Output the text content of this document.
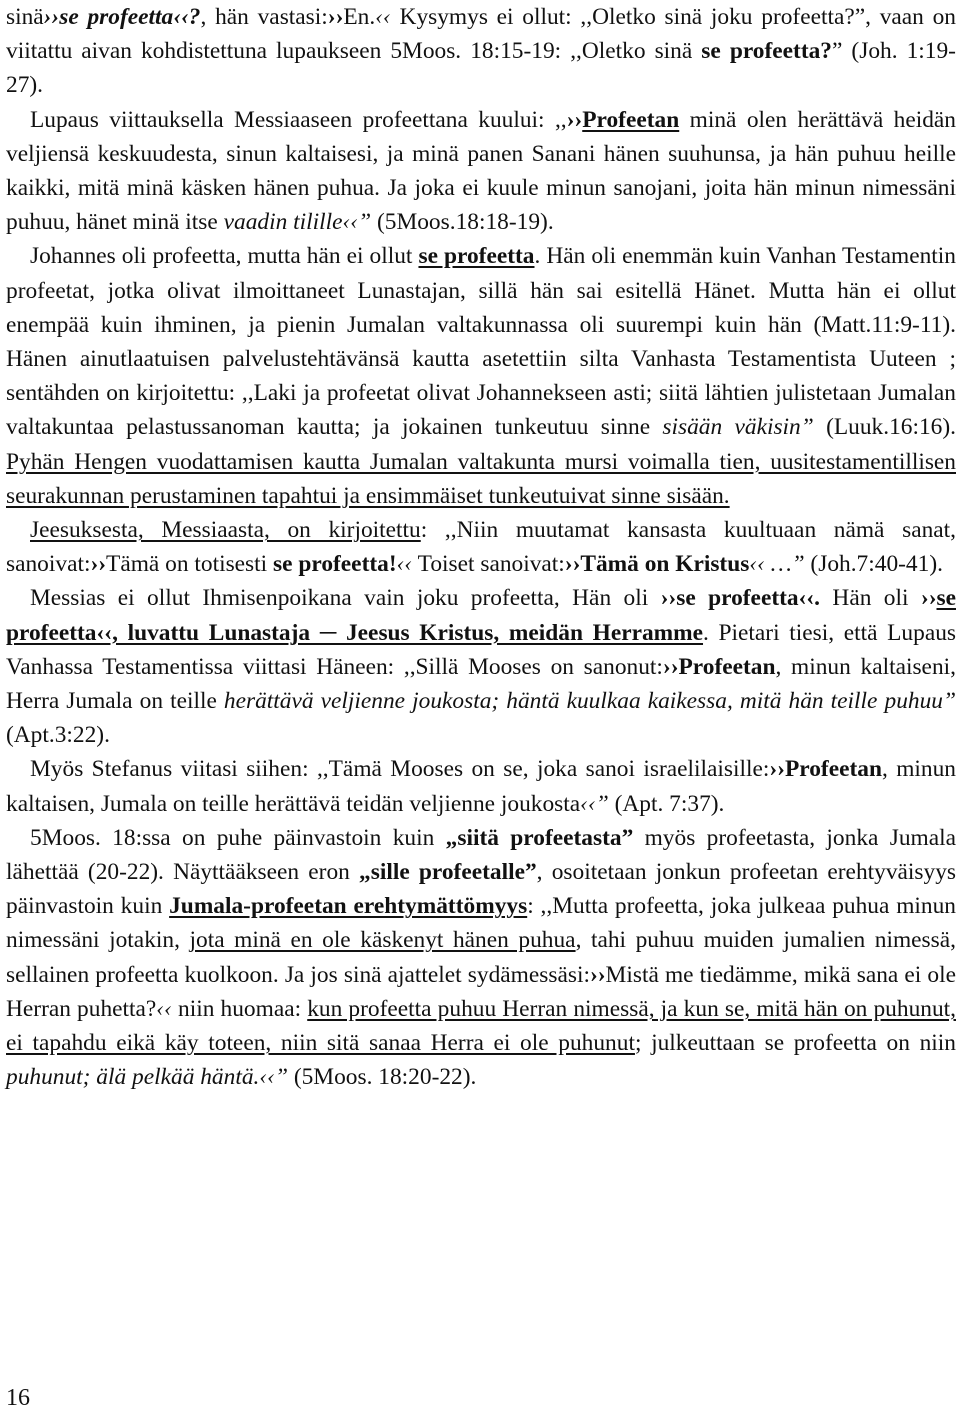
sinä››se profeetta‹‹?, hän vastasi:››En.‹‹ Kysymys ei ollut: ,,Oletko sinä joku profeetta?”, vaan on viitattu aivan kohdistettuna lupaukseen 5Moos. 18:15-19: ,,Oletko sinä se profeetta?” (Joh. 1:19-27).

Lupaus viittauksella Messiaaseen profeettana kuului: ,,››Profeetan minä olen herättävä heidän veljiensä keskuudesta, sinun kaltaisesi, ja minä panen Sanani hänen suuhunsa, ja hän puhuu heille kaikki, mitä minä käsken hänen puhua. Ja joka ei kuule minun sanojani, joita hän minun nimessäni puhuu, hänet minä itse vaadin tilille‹‹” (5Moos.18:18-19).

Johannes oli profeetta, mutta hän ei ollut se profeetta. Hän oli enemmän kuin Vanhan Testamentin profeetat, jotka olivat ilmoittaneet Lunastajan, sillä hän sai esitellä Hänet. Mutta hän ei ollut enempää kuin ihminen, ja pienin Jumalan valtakunnassa oli suurempi kuin hän (Matt.11:9-11). Hänen ainutlaatuisen palvelustehtävänsä kautta asetettiin silta Vanhasta Testamentista Uuteen ; sentähden on kirjoitettu: ,,Laki ja profeetat olivat Johannekseen asti; siitä lähtien julistetaan Jumalan valtakuntaa pelastussanoman kautta; ja jokainen tunkeutuu sinne sisään väkisin” (Luuk.16:16). Pyhän Hengen vuodattamisen kautta Jumalan valtakunta mursi voimalla tien, uusitestamentillisen seurakunnan perustaminen tapahtui ja ensimmäiset tunkeutuivat sinne sisään.

Jeesuksesta, Messiaasta, on kirjoitettu: ,,Niin muutamat kansasta kuultuaan nämä sanat, sanoivat:››Tämä on totisesti se profeetta!‹‹ Toiset sanoivat:››Tämä on Kristus‹‹ …” (Joh.7:40-41).

Messias ei ollut Ihmisenpoikana vain joku profeetta, Hän oli ››se profeetta‹‹. Hän oli ››se profeetta‹‹, luvattu Lunastaja ─ Jeesus Kristus, meidän Herramme. Pietari tiesi, että Lupaus Vanhassa Testamentissa viittasi Häneen: ,,Sillä Mooses on sanonut:››Profeetan, minun kaltaiseni, Herra Jumala on teille herättävä veljienne joukosta; häntä kuulkaa kaikessa, mitä hän teille puhuu” (Apt.3:22).

Myös Stefanus viitasi siihen: ,,Tämä Mooses on se, joka sanoi israelilaisille:››Profeetan, minun kaltaisen, Jumala on teille herättävä teidän veljienne joukosta‹‹” (Apt. 7:37).

5Moos. 18:ssa on puhe päinvastoin kuin „siitä profeetasta” myös profeetasta, jonka Jumala lähettää (20-22). Näyttääkseen eron „sille profeetalle”, osoitetaan jonkun profeetan erehtyväisyys päinvastoin kuin Jumala-profeetan erehtymättömyys: ,,Mutta profeetta, joka julkeaa puhua minun nimessäni jotakin, jota minä en ole käskenyt hänen puhua, tahi puhuu muiden jumalien nimessä, sellainen profeetta kuolkoon. Ja jos sinä ajattelet sydämessäsi:››Mistä me tiedämme, mikä sana ei ole Herran puhetta?‹‹ niin huomaa: kun profeetta puhuu Herran nimessä, ja kun se, mitä hän on puhunut, ei tapahdu eikä käy toteen, niin sitä sanaa Herra ei ole puhunut; julkeuttaan se profeetta on niin puhunut; älä pelkää häntä.‹‹” (5Moos. 18:20-22).

16
